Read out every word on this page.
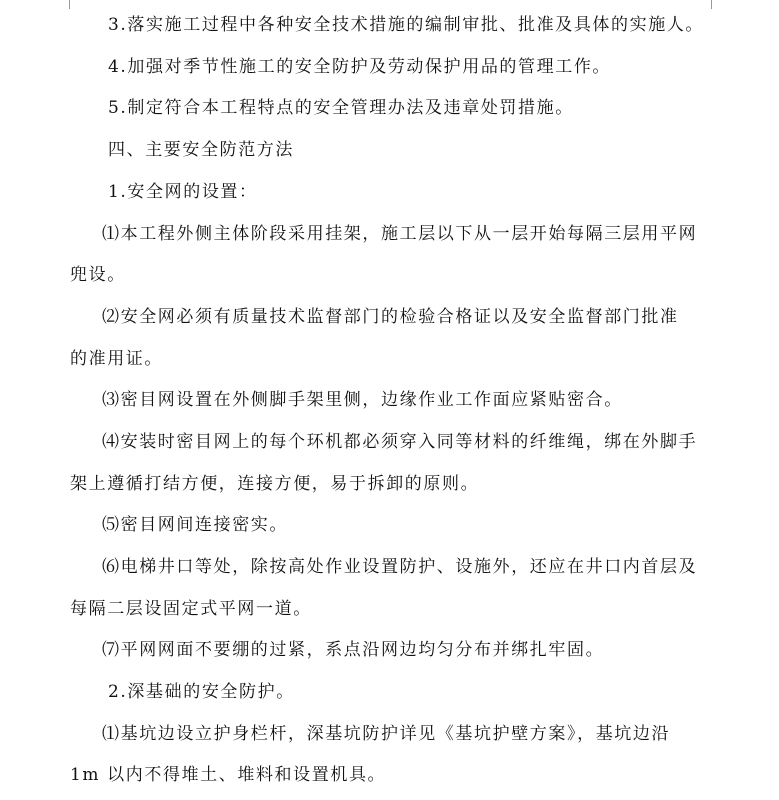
3.落实施工过程中各种安全技术措施的编制审批、批准及具体的实施人。
4.加强对季节性施工的安全防护及劳动保护用品的管理工作。
5.制定符合本工程特点的安全管理办法及违章处罚措施。
四、主要安全防范方法
1.安全网的设置：
⑴本工程外侧主体阶段采用挂架，施工层以下从一层开始每隔三层用平网
兜设。
⑵安全网必须有质量技术监督部门的检验合格证以及安全监督部门批准
的准用证。
⑶密目网设置在外侧脚手架里侧，边缘作业工作面应紧贴密合。
⑷安装时密目网上的每个环机都必须穿入同等材料的纤维绳，绑在外脚手
架上遵循打结方便，连接方便，易于拆卸的原则。
⑸密目网间连接密实。
⑹电梯井口等处，除按高处作业设置防护、设施外，还应在井口内首层及
每隔二层设固定式平网一道。
⑺平网网面不要绷的过紧，系点沿网边均匀分布并绑扎牢固。
2.深基础的安全防护。
⑴基坑边设立护身栏杆，深基坑防护详见《基坑护壁方案》，基坑边沿
1m 以内不得堆土、堆料和设置机具。
